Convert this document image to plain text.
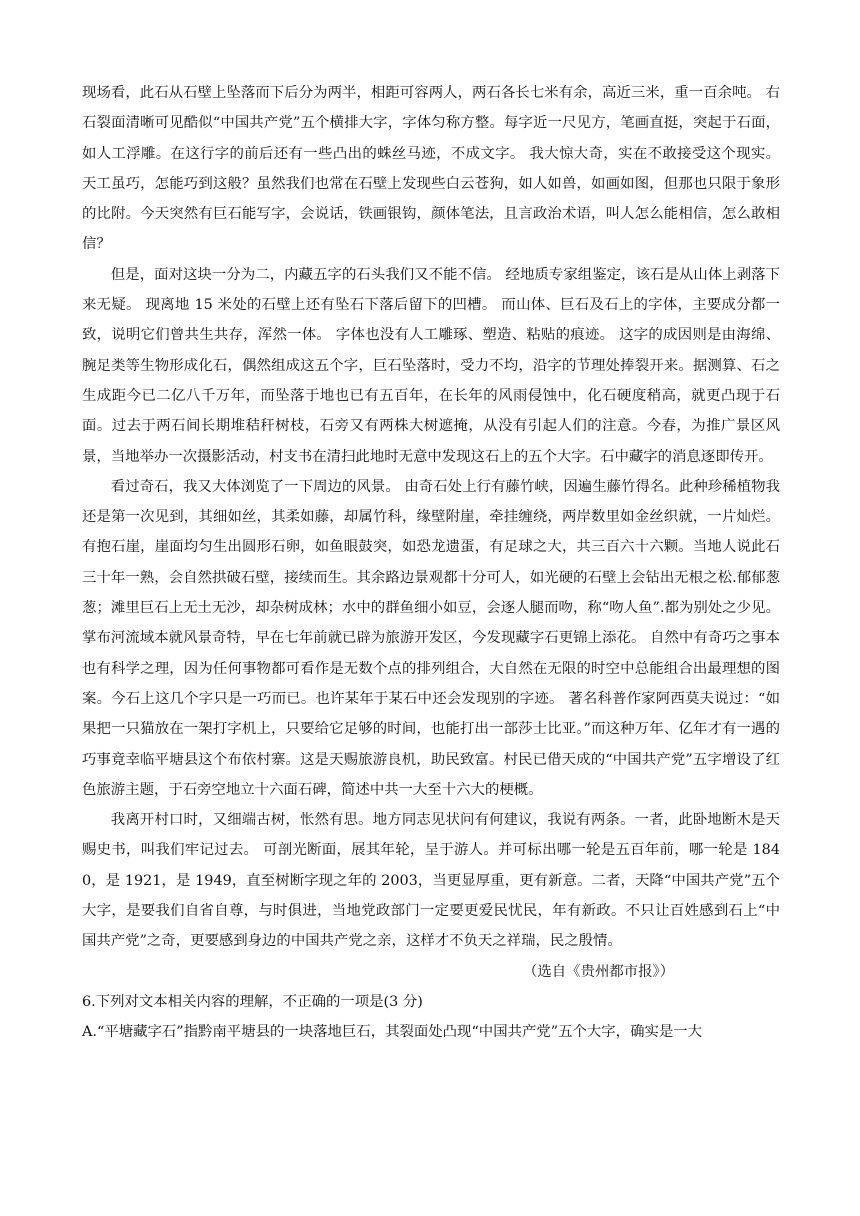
现场看，此石从石壁上坠落而下后分为两半，相距可容两人，两石各长七米有余，高近三米，重一百余吨。 右石裂面清晰可见酷似“中国共产党”五个横排大字，字体匀称方整。每字近一尺见方，笔画直挺，突起于石面，如人工浮雕。在这行字的前后还有一些凸出的蛛丝马迹，不成文字。 我大惊大奇，实在不敢接受这个现实。 天工虽巧，怎能巧到这般？虽然我们也常在石壁上发现些白云苍狗，如人如兽，如画如图，但那也只限于象形的比附。今天突然有巨石能写字，会说话，铁画银钩，颜体笔法，且言政治术语，叫人怎么能相信，怎么敢相信？

但是，面对这块一分为二，内藏五字的石头我们又不能不信。 经地质专家组鉴定，该石是从山体上剥落下来无疑。 现离地 15 米处的石壁上还有坠石下落后留下的凹槽。 而山体、巨石及石上的字体，主要成分都一致，说明它们曾共生共存，浑然一体。 字体也没有人工雕琢、塑造、粘贴的痕迹。 这字的成因则是由海绵、腕足类等生物形成化石，偶然组成这五个字，巨石坠落时，受力不均，沿字的节理处捧裂开来。据测算、石之生成距今已二亿八千万年，而坠落于地也已有五百年，在长年的风雨侵蚀中，化石硬度稍高，就更凸现于石面。过去于两石间长期堆秸秆树枝，石旁又有两株大树遮掩，从没有引起人们的注意。今春，为推广景区风景，当地举办一次摄影活动，村支书在清扫此地时无意中发现这石上的五个大字。石中藏字的消息逐即传开。

看过奇石，我又大体浏览了一下周边的风景。 由奇石处上行有藤竹峡，因遍生藤竹得名。此种珍稀植物我还是第一次见到，其细如丝，其柔如藤，却属竹科，缘壁附崖，牵挂缠绕，两岸数里如金丝织就，一片灿烂。 有抱石崖，崖面均匀生出圆形石卵，如鱼眼鼓突，如恐龙遗蛋，有足球之大，共三百六十六颗。当地人说此石三十年一熟，会自然拱破石壁，接续而生。其余路边景观都十分可人，如光硬的石壁上会钻出无根之松.郁郁葱葱；滩里巨石上无土无沙，却杂树成林；水中的群鱼细小如豆，会逐人腿而吻，称“吻人鱼”.都为别处之少见。 掌布河流域本就风景奇特，早在七年前就已辟为旅游开发区，今发现藏字石更锦上添花。 自然中有奇巧之事本也有科学之理，因为任何事物都可看作是无数个点的排列组合，大自然在无限的时空中总能组合出最理想的图案。今石上这几个字只是一巧而已。也许某年于某石中还会发现别的字迹。 著名科普作家阿西莫夫说过：“如果把一只猫放在一架打字机上，只要给它足够的时间，也能打出一部莎士比亚。”而这种万年、亿年才有一遇的巧事竟幸临平塘县这个布依村寨。这是天赐旅游良机，助民致富。村民已借天成的“中国共产党”五字增设了红色旅游主题，于石旁空地立十六面石碑，简述中共一大至十六大的梗概。

我离开村口时，又细端古树，怅然有思。地方同志见状问有何建议，我说有两条。一者，此卧地断木是天赐史书，叫我们牢记过去。 可剖光断面，展其年轮，呈于游人。并可标出哪一轮是五百年前，哪一轮是 1840，是 1921，是 1949，直至树断字现之年的 2003，当更显厚重，更有新意。二者，天降“中国共产党”五个大字，是要我们自省自尊，与时俱进，当地党政部门一定要更爱民忧民，年有新政。不只让百姓感到石上“中国共产党”之奇，更要感到身边的中国共产党之亲，这样才不负天之祥瑞，民之殷情。

（选自《贵州都市报》）

6.下列对文本相关内容的理解，不正确的一项是(3 分)

A.“平塘藏字石”指黔南平塘县的一块落地巨石，其裂面处凸现“中国共产党”五个大字，确实是一大
